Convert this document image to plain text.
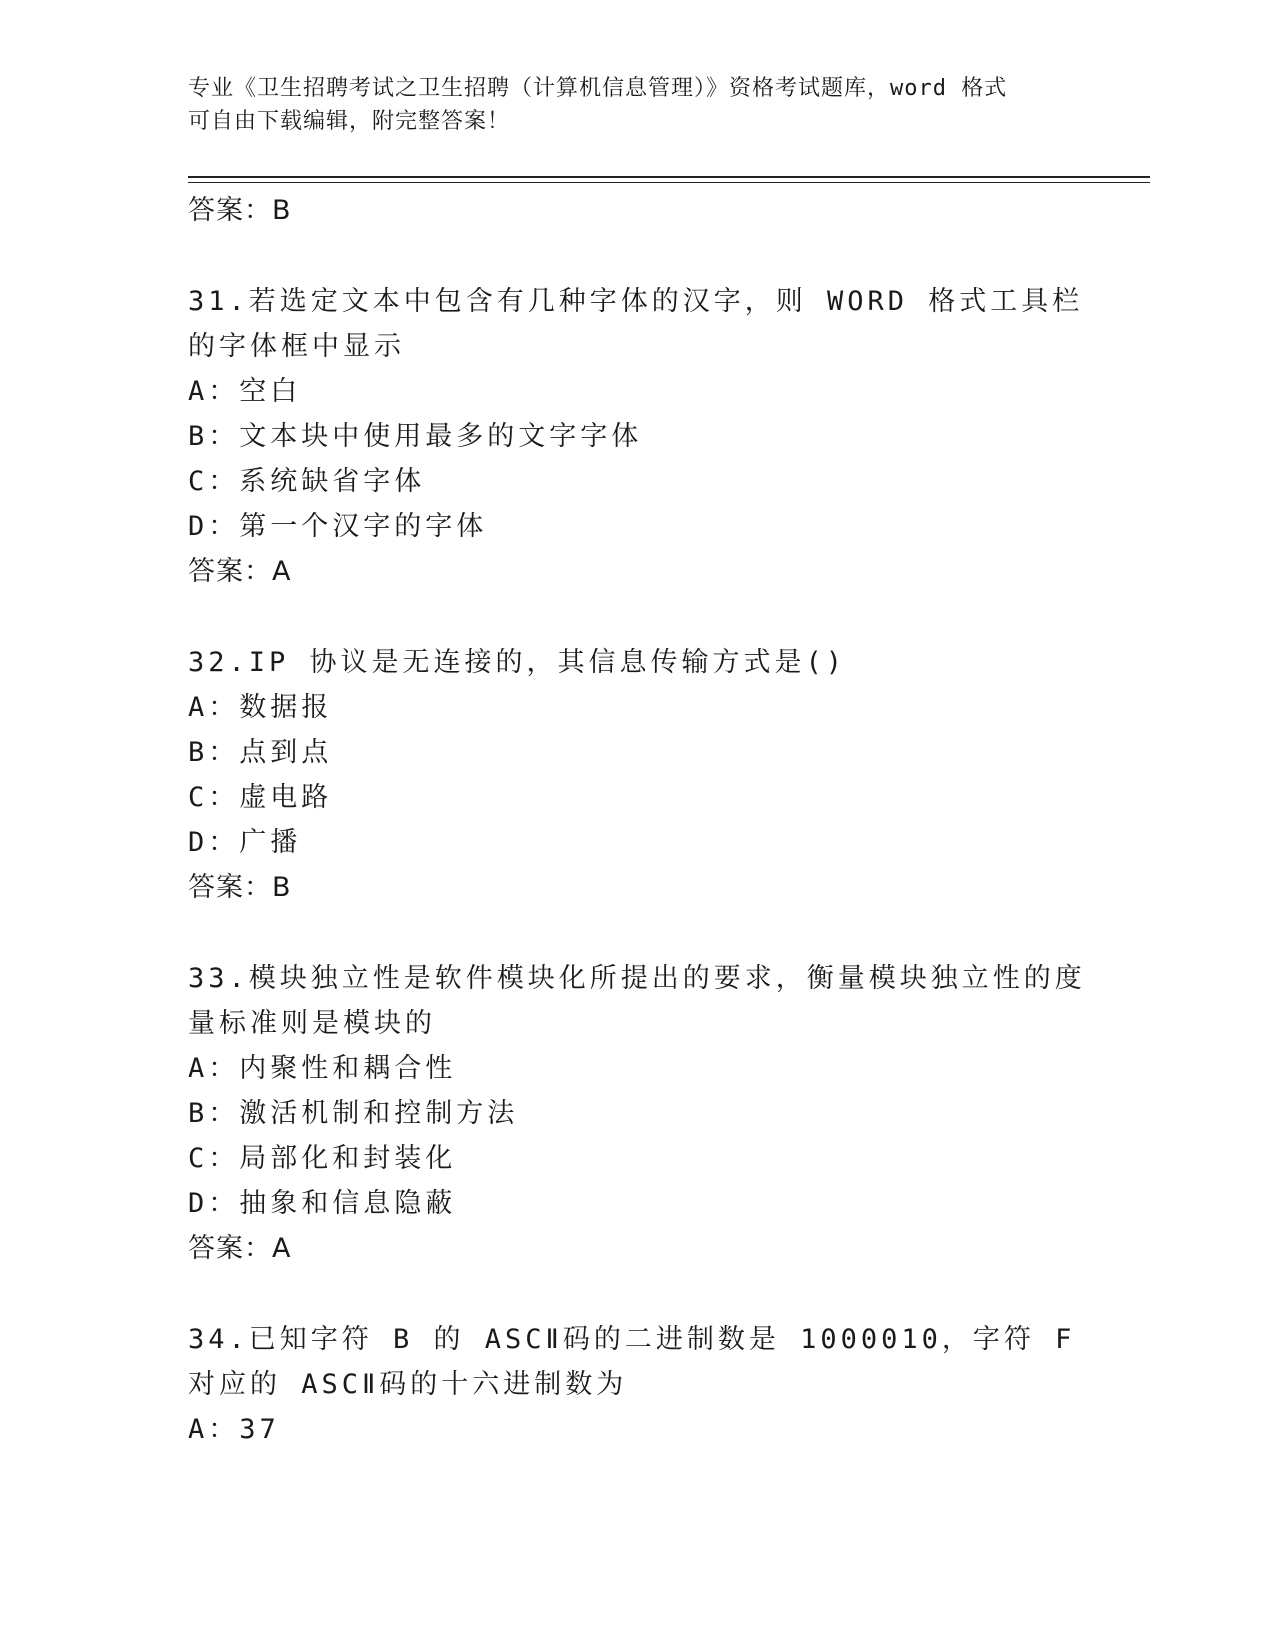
专业《卫生招聘考试之卫生招聘（计算机信息管理）》资格考试题库，word 格式
可自由下载编辑，附完整答案！
答案：B
31.若选定文本中包含有几种字体的汉字，则 WORD 格式工具栏的字体框中显示
A：空白
B：文本块中使用最多的文字字体
C：系统缺省字体
D：第一个汉字的字体
答案：A
32.IP 协议是无连接的，其信息传输方式是()
A：数据报
B：点到点
C：虚电路
D：广播
答案：B
33.模块独立性是软件模块化所提出的要求，衡量模块独立性的度量标准则是模块的
A：内聚性和耦合性
B：激活机制和控制方法
C：局部化和封装化
D：抽象和信息隐蔽
答案：A
34.已知字符 B 的 ASCⅡ码的二进制数是 1000010，字符 F 对应的 ASCⅡ码的十六进制数为
A：37
